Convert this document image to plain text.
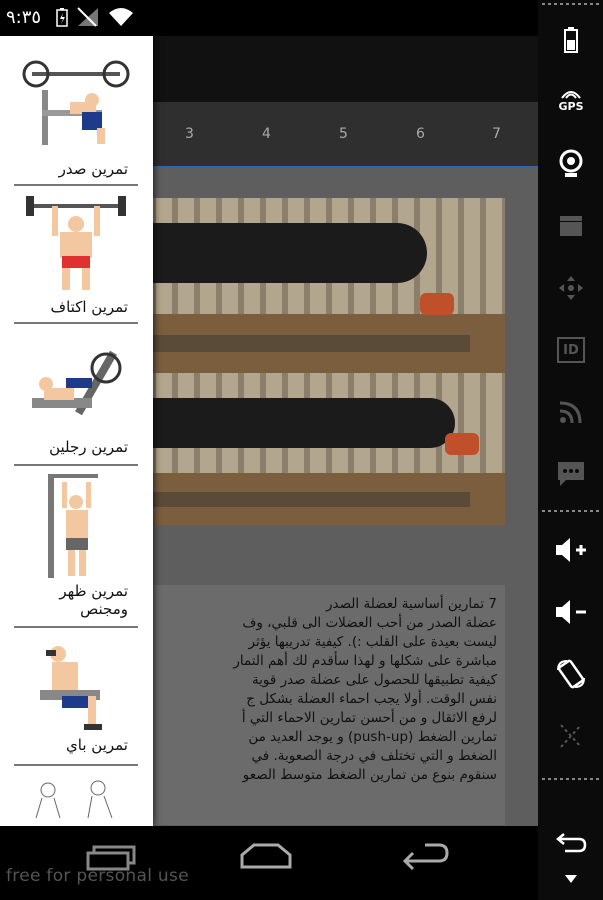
٩:٣٥
3	4	5	6	7

7 تمارين أساسية لعضلة الصدر

عضلة الصدر من أحب العضلات الى قلبي، وف

ليست بعيدة على القلب :). كيفية تدريبها يؤثر

مباشرة على شكلها و لهذا سأقدم لك أهم التمار

كيفية تطبيقها للحصول على عضلة صدر قوية

نفس الوقت. أولا يجب احماء العضلة بشكل ج

لرفع الاثقال و من أحسن تمارين الاحماء التي أ

تمارين الضغط (push-up) و يوجد العديد من

الضغط و التي تختلف في درجة الصعوبة. في

سنقوم بنوع من تمارين الضغط متوسط الصعو

تمرين صدر
تمرين اكتاف
تمرين رجلين
تمرين ظهر
ومجنص
تمرين باي
GPS
ID
free for personal use
